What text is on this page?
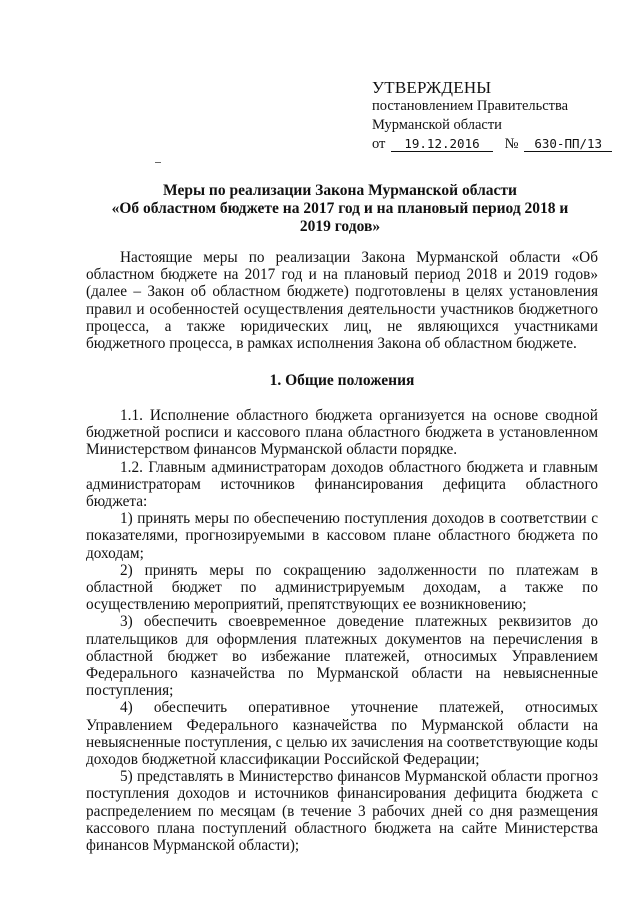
УТВЕРЖДЕНЫ
постановлением Правительства
Мурманской области
от	19.12.2016	№	630-ПП/13
Меры по реализации Закона Мурманской области
«Об областном бюджете на 2017 год и на плановый период 2018 и
2019 годов»

Настоящие меры по реализации Закона Мурманской области «Об областном бюджете на 2017 год и на плановый период 2018 и 2019 годов» (далее – Закон об областном бюджете) подготовлены в целях установления правил и особенностей осуществления деятельности участников бюджетного процесса, а также юридических лиц, не являющихся участниками бюджетного процесса, в рамках исполнения Закона об областном бюджете.

1. Общие положения

1.1. Исполнение областного бюджета организуется на основе сводной бюджетной росписи и кассового плана областного бюджета в установленном Министерством финансов Мурманской области порядке.

1.2. Главным администраторам доходов областного бюджета и главным администраторам источников финансирования дефицита областного бюджета:

1) принять меры по обеспечению поступления доходов в соответствии с показателями, прогнозируемыми в кассовом плане областного бюджета по доходам;

2) принять меры по сокращению задолженности по платежам в областной бюджет по администрируемым доходам, а также по осуществлению мероприятий, препятствующих ее возникновению;

3) обеспечить своевременное доведение платежных реквизитов до плательщиков для оформления платежных документов на перечисления в областной бюджет во избежание платежей, относимых Управлением Федерального казначейства по Мурманской области на невыясненные поступления;

4) обеспечить оперативное уточнение платежей, относимых Управлением Федерального казначейства по Мурманской области на невыясненные поступления, с целью их зачисления на соответствующие коды доходов бюджетной классификации Российской Федерации;

5) представлять в Министерство финансов Мурманской области прогноз поступления доходов и источников финансирования дефицита бюджета с распределением по месяцам (в течение 3 рабочих дней со дня размещения кассового плана поступлений областного бюджета на сайте Министерства финансов Мурманской области);
